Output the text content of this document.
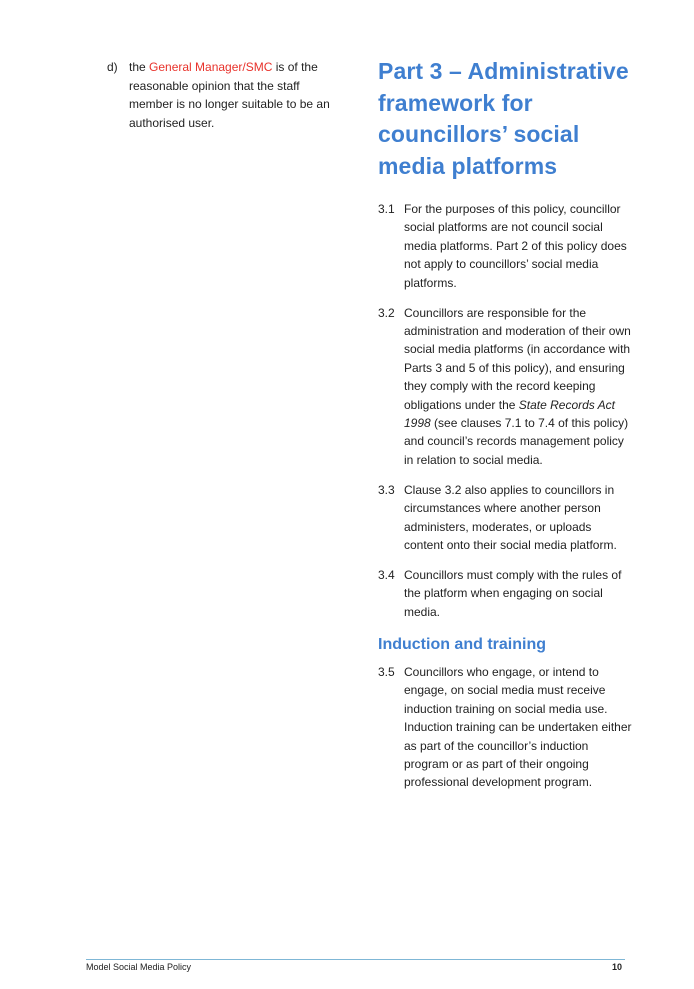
d) the General Manager/SMC is of the reasonable opinion that the staff member is no longer suitable to be an authorised user.
Part 3 – Administrative framework for councillors’ social media platforms
3.1 For the purposes of this policy, councillor social platforms are not council social media platforms. Part 2 of this policy does not apply to councillors’ social media platforms.
3.2 Councillors are responsible for the administration and moderation of their own social media platforms (in accordance with Parts 3 and 5 of this policy), and ensuring they comply with the record keeping obligations under the State Records Act 1998 (see clauses 7.1 to 7.4 of this policy) and council’s records management policy in relation to social media.
3.3 Clause 3.2 also applies to councillors in circumstances where another person administers, moderates, or uploads content onto their social media platform.
3.4 Councillors must comply with the rules of the platform when engaging on social media.
Induction and training
3.5 Councillors who engage, or intend to engage, on social media must receive induction training on social media use. Induction training can be undertaken either as part of the councillor’s induction program or as part of their ongoing professional development program.
Model Social Media Policy	10
